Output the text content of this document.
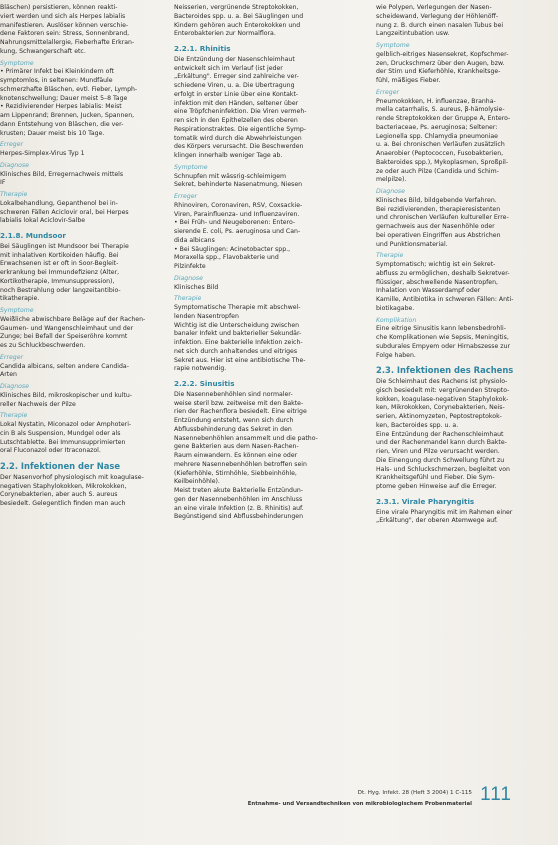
Bläschen) persistieren, können reakti-

viert werden und sich als Herpes labialis

manifestieren. Auslöser können verschie-

dene Faktoren sein: Stress, Sonnenbrand,

Nahrungsmittelallergie, Fieberhafte Erkran-

kung, Schwangerschaft etc.

Symptome

• Primärer Infekt bei Kleinkindern oft

symptomlos, in seltenen: Mundfäule

schmerzhafte Bläschen, evtl. Fieber, Lymph-

knotenschwellung; Dauer meist 5–8 Tage

• Rezidivierender Herpes labialis: Meist

am Lippenrand; Brennen, Jucken, Spannen,

dann Entstehung von Bläschen, die ver-

krusten; Dauer meist bis 10 Tage.

Erreger

Herpes-Simplex-Virus Typ 1

Diagnose

Klinisches Bild, Erregernachweis mittels

IF

Therapie

Lokalbehandlung, Gepanthenol bei in-

schweren Fällen Aciclovir oral, bei Herpes

labialis lokal Aciclovir-Salbe

2.1.8. Mundsoor

Bei Säuglingen ist Mundsoor bei Therapie

mit inhalativen Kortikoiden häufig. Bei

Erwachsenen ist er oft in Soor-Begleit-

erkrankung bei Immundefizienz (Alter,

Kortikotherapie, Immunsuppression),

noch Bestrahlung oder langzeitantibio-

tikatherapie.

Symptome

Weißliche abwischbare Beläge auf der Rachen-

Gaumen- und Wangenschleimhaut und der

Zunge; bei Befall der Speiseröhre kommt

es zu Schluckbeschwerden.

Erreger

Candida albicans, selten andere Candida-

Arten

Diagnose

Klinisches Bild, mikroskopischer und kultu-

reller Nachweis der Pilze

Therapie

Lokal Nystatin, Miconazol oder Amphoteri-

cin B als Suspension, Mundgel oder als

Lutschtablette. Bei Immunsupprimierten

oral Fluconazol oder Itraconazol.

2.2. Infektionen der Nase

Der Nasenvorhof physiologisch mit koagulase-

negativen Staphylokokken, Mikrokokken,

Corynebakterien, aber auch S. aureus

besiedelt. Gelegentlich finden man auch

Neisserien, vergrünende Streptokokken,

Bacteroides spp. u. a. Bei Säuglingen und

Kindern gehören auch Enterokokken und

Enterobakterien zur Normalflora.

2.2.1. Rhinitis

Die Entzündung der Nasenschleimhaut

entwickelt sich im Verlauf (ist jeder

„Erkältung". Erreger sind zahlreiche ver-

schiedene Viren, u. a. Die Übertragung

erfolgt in erster Linie über eine Kontakt-

infektion mit den Händen, seltener über

eine Tröpfcheninfektion. Die Viren vermeh-

ren sich in den Epithelzellen des oberen

Respirationstraktes. Die eigentliche Symp-

tomatik wird durch die Abwehrleistungen

des Körpers verursacht. Die Beschwerden

klingen innerhalb weniger Tage ab.

Symptome

Schnupfen mit wässrig-schleimigem

Sekret, behinderte Nasenatmung, Niesen

Erreger

Rhinoviren, Coronaviren, RSV, Coxsackie-

Viren, Parainfluenza- und Influenzaviren.

• Bei Früh- und Neugeborenen: Entero-

sierende E. coli, Ps. aeruginosa und Can-

dida albicans

• Bei Säuglingen: Acinetobacter spp.,

Moraxella spp., Flavobakterie und

Pilzinfekte

Diagnose

Klinisches Bild

Therapie

Symptomatische Therapie mit abschwel-

lenden Nasentropfen

Wichtig ist die Unterscheidung zwischen

banaler Infekt und bakterieller Sekundär-

infektion. Eine bakterielle Infektion zeich-

net sich durch anhaltendes und eitriges

Sekret aus. Hier ist eine antibiotische The-

rapie notwendig.

2.2.2. Sinusitis

Die Nasennebenhöhlen sind normaler-

weise steril bzw. zeitweise mit den Bakte-

rien der Rachenflora besiedelt. Eine eitrige

Entzündung entsteht, wenn sich durch

Abflussbehinderung das Sekret in den

Nasennebenhöhlen ansammelt und die patho-

gene Bakterien aus dem Nasen-Rachen-

Raum einwandern. Es können eine oder

mehrere Nasennebenhöhlen betroffen sein

(Kieferhöhle, Stirnhöhle, Siebbeinhöhle,

Keilbeinhöhle).

Meist treten akute Bakterielle Entzündun-

gen der Nasennebenhöhlen im Anschluss

an eine virale Infektion (z. B. Rhinitis) auf.

Begünstigend sind Abflussbehinderungen

wie Polypen, Verlegungen der Nasen-

scheidewand, Verlegung der Höhlenöff-

nung z. B. durch einen nasalen Tubus bei

Langzeitintubation usw.

Symptome

gelblich-eitriges Nasensekret, Kopfschmer-

zen, Druckschmerz über den Augen, bzw.

der Stirn und Kieferhöhle, Krankheitsge-

fühl, mäßiges Fieber.

Erreger

Pneumokokken, H. influenzae, Branha-

mella catarrhalis, S. aureus, β-hämolysie-

rende Streptokokken der Gruppe A, Entero-

bacteriaceae, Ps. aeruginosa; Seltener:

Legionella spp. Chlamydia pneumoniae

u. a. Bei chronischen Verläufen zusätzlich

Anaerobier (Peptococcen, Fusobakterien,

Bakteroides spp.), Mykoplasmen, Sproßpil-

ze oder auch Pilze (Candida und Schim-

melpilze).

Diagnose

Klinisches Bild, bildgebende Verfahren.

Bei rezidivierenden, therapieresistenten

und chronischen Verläufen kultureller Erre-

gernachweis aus der Nasenhöhle oder

bei operativen Eingriffen aus Abstrichen

und Punktionsmaterial.

Therapie

Symptomatisch; wichtig ist ein Sekret-

abfluss zu ermöglichen, deshalb Sekretver-

flüssiger, abschwellende Nasentropfen,

Inhalation von Wasserdampf oder

Kamille, Antibiotika in schweren Fällen: Anti-

biotikagabe.

Komplikation

Eine eitrige Sinusitis kann lebensbedrohli-

che Komplikationen wie Sepsis, Meningitis,

subdurales Empyem oder Hirnabszesse zur

Folge haben.

2.3. Infektionen des Rachens

Die Schleimhaut des Rachens ist physiolo-

gisch besiedelt mit: vergrünenden Strepto-

kokken, koagulase-negativen Staphylokok-

ken, Mikrokokken, Corynebakterien, Neis-

serien, Aktinomyzeten, Peptostreptokok-

ken, Bacteroides spp. u. a.

Eine Entzündung der Rachenschleimhaut

und der Rachenmandel kann durch Bakte-

rien, Viren und Pilze verursacht werden.

Die Einengung durch Schwellung führt zu

Hals- und Schluckschmerzen, begleitet von

Krankheitsgefühl und Fieber. Die Sym-

ptome geben Hinweise auf die Erreger.

2.3.1. Virale Pharyngitis

Eine virale Pharyngitis mit im Rahmen einer

„Erkältung", der oberen Atemwege auf.

Dt. Hyg. Infekt. 28 (Heft 3 2004) 1 C-115
Entnahme- und Versandtechniken von mikrobiologischem Probenmaterial 111
